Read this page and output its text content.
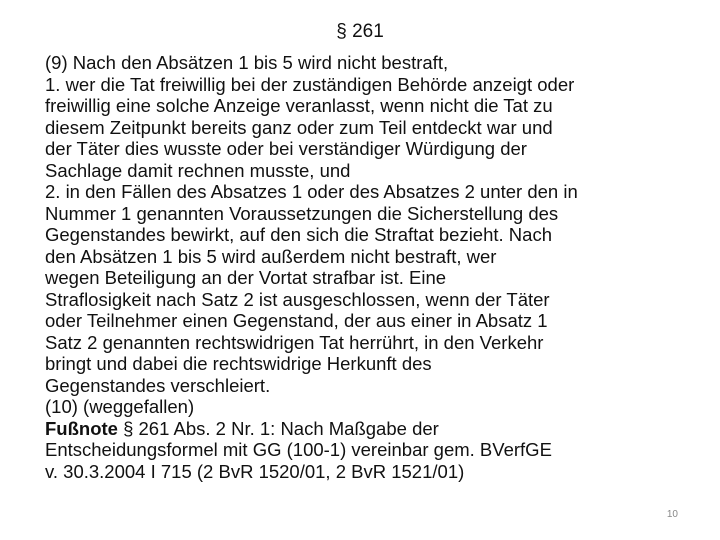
§ 261

(9) Nach den Absätzen 1 bis 5 wird nicht bestraft,

1. wer die Tat freiwillig bei der zuständigen Behörde anzeigt oder
freiwillig eine solche Anzeige veranlasst, wenn nicht die Tat zu
diesem Zeitpunkt bereits ganz oder zum Teil entdeckt war und
der Täter dies wusste oder bei verständiger Würdigung der
Sachlage damit rechnen musste, und

2. in den Fällen des Absatzes 1 oder des Absatzes 2 unter den in
Nummer 1 genannten Voraussetzungen die Sicherstellung des
Gegenstandes bewirkt, auf den sich die Straftat bezieht. Nach
den Absätzen 1 bis 5 wird außerdem nicht bestraft, wer
wegen Beteiligung an der Vortat strafbar ist. Eine
Straflosigkeit nach Satz 2 ist ausgeschlossen, wenn der Täter
oder Teilnehmer einen Gegenstand, der aus einer in Absatz 1
Satz 2 genannten rechtswidrigen Tat herrührt, in den Verkehr
bringt und dabei die rechtswidrige Herkunft des
Gegenstandes verschleiert.

(10) (weggefallen)

Fußnote § 261 Abs. 2 Nr. 1: Nach Maßgabe der
Entscheidungsformel mit GG (100-1) vereinbar gem. BVerfGE
v. 30.3.2004 I 715 (2 BvR 1520/01, 2 BvR 1521/01)

10
